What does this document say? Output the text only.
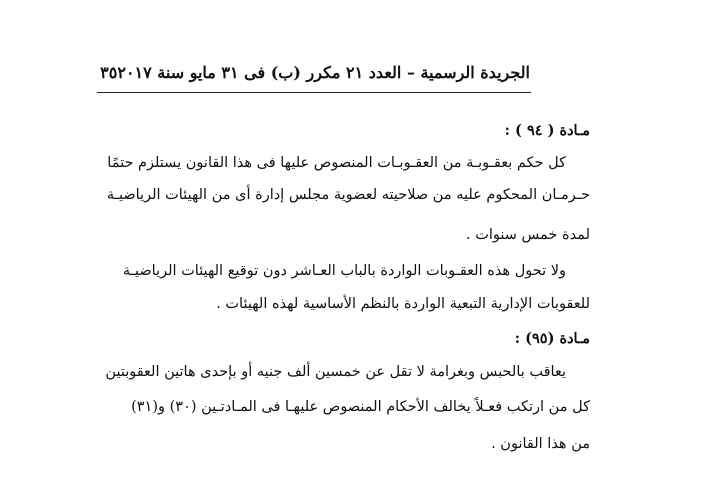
الجريدة الرسمية – العدد ٢١ مكرر (ب) فى ٣١ مايو سنة ٢٠١٧
٣٥
مـادة ( ٩٤ ) :
كل حكم بعقـوبـة من العقـوبـات المنصوص عليها فى هذا القانون يستلزم حتمًا
حـرمـان المحكوم عليه من صلاحيته لعضوية مجلس إدارة أى من الهيئات الرياضيـة
لمدة خمس سنوات .
ولا تحول هذه العقـوبات الواردة بالباب العـاشر دون توقيع الهيئات الرياضيـة
للعقوبات الإدارية التبعية الواردة بالنظم الأساسية لهذه الهيئات .
مـادة (٩٥) :
يعاقب بالحبس وبغرامة لا تقل عن خمسين ألف جنيه أو بإحدى هاتين العقوبتين
كل من ارتكب فعـلاً يخالف الأحكام المنصوص عليهـا فى المـادتـين (٣٠) و(٣١)
من هذا القانون .
